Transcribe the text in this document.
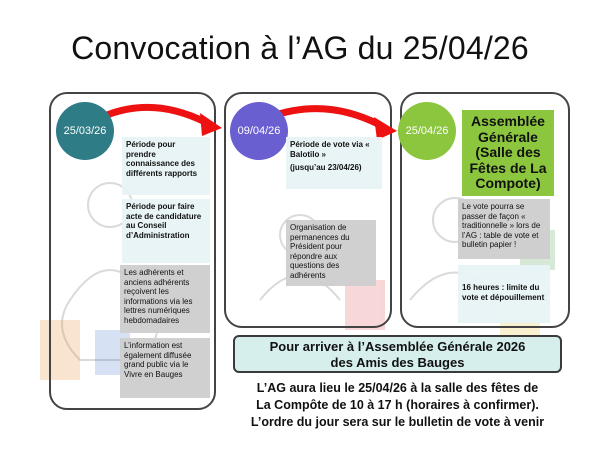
Convocation à l’AG du 25/04/26
25/03/26	09/04/26	25/04/26
Période pour prendre connaissance des différents rapports
Période pour faire acte de candidature au Conseil d’Administration
Les adhérents et anciens adhérents reçoivent les informations via les lettres numériques hebdomadaires
L’information est également diffusée grand public via le Vivre en Bauges
Période de vote via « Balotilo »
(jusqu’au 23/04/26)
Organisation de permanences du Président pour répondre aux questions des adhérents
Assemblée Générale (Salle des Fêtes de La Compote)
Le vote pourra se passer de façon « traditionnelle » lors de l’AG : table de vote et bulletin papier !
16 heures : limite du vote et dépouillement
Pour arriver à l’Assemblée Générale 2026
des Amis des Bauges
L’AG aura lieu le 25/04/26 à la salle des fêtes de
La Compôte de 10 à 17 h (horaires à confirmer).
L’ordre du jour sera sur le bulletin de vote à venir
